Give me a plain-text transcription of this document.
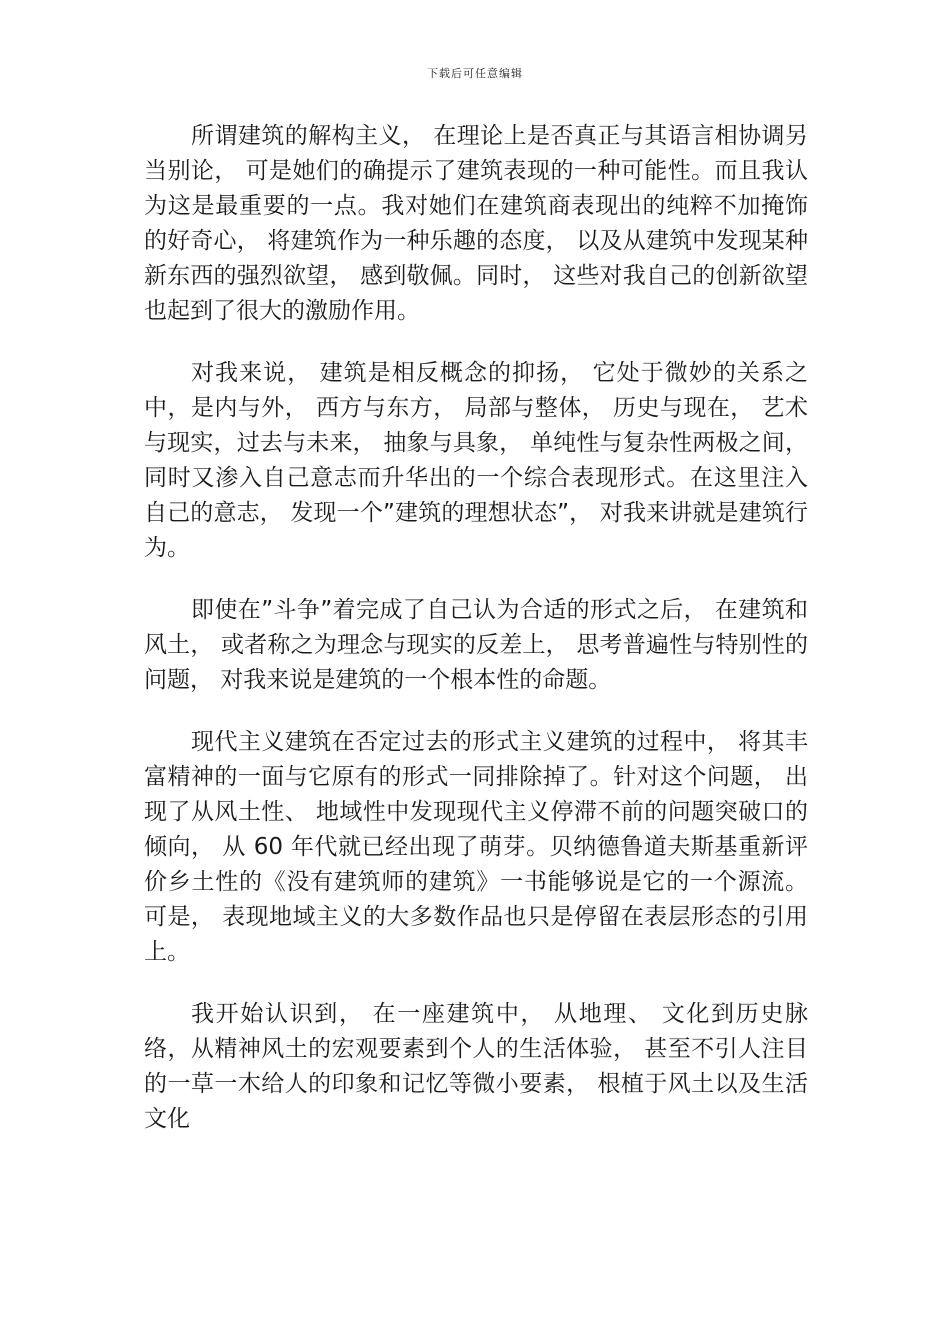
下载后可任意编辑

所谓建筑的解构主义， 在理论上是否真正与其语言相协调另当别论， 可是她们的确提示了建筑表现的一种可能性。而且我认为这是最重要的一点。我对她们在建筑商表现出的纯粹不加掩饰的好奇心， 将建筑作为一种乐趣的态度， 以及从建筑中发现某种新东西的强烈欲望， 感到敬佩。同时， 这些对我自己的创新欲望也起到了很大的激励作用。

对我来说， 建筑是相反概念的抑扬， 它处于微妙的关系之中，是内与外， 西方与东方， 局部与整体， 历史与现在， 艺术与现实，过去与未来， 抽象与具象， 单纯性与复杂性两极之间， 同时又渗入自己意志而升华出的一个综合表现形式。在这里注入自己的意志， 发现一个”建筑的理想状态”， 对我来讲就是建筑行为。

即使在”斗争”着完成了自己认为合适的形式之后， 在建筑和风土， 或者称之为理念与现实的反差上， 思考普遍性与特别性的问题， 对我来说是建筑的一个根本性的命题。

现代主义建筑在否定过去的形式主义建筑的过程中， 将其丰富精神的一面与它原有的形式一同排除掉了。针对这个问题， 出现了从风土性、 地域性中发现现代主义停滞不前的问题突破口的倾向， 从 60 年代就已经出现了萌芽。贝纳德鲁道夫斯基重新评价乡土性的《没有建筑师的建筑》一书能够说是它的一个源流。可是， 表现地域主义的大多数作品也只是停留在表层形态的引用上。

我开始认识到， 在一座建筑中， 从地理、 文化到历史脉络，从精神风土的宏观要素到个人的生活体验， 甚至不引人注目的一草一木给人的印象和记忆等微小要素， 根植于风土以及生活文化
